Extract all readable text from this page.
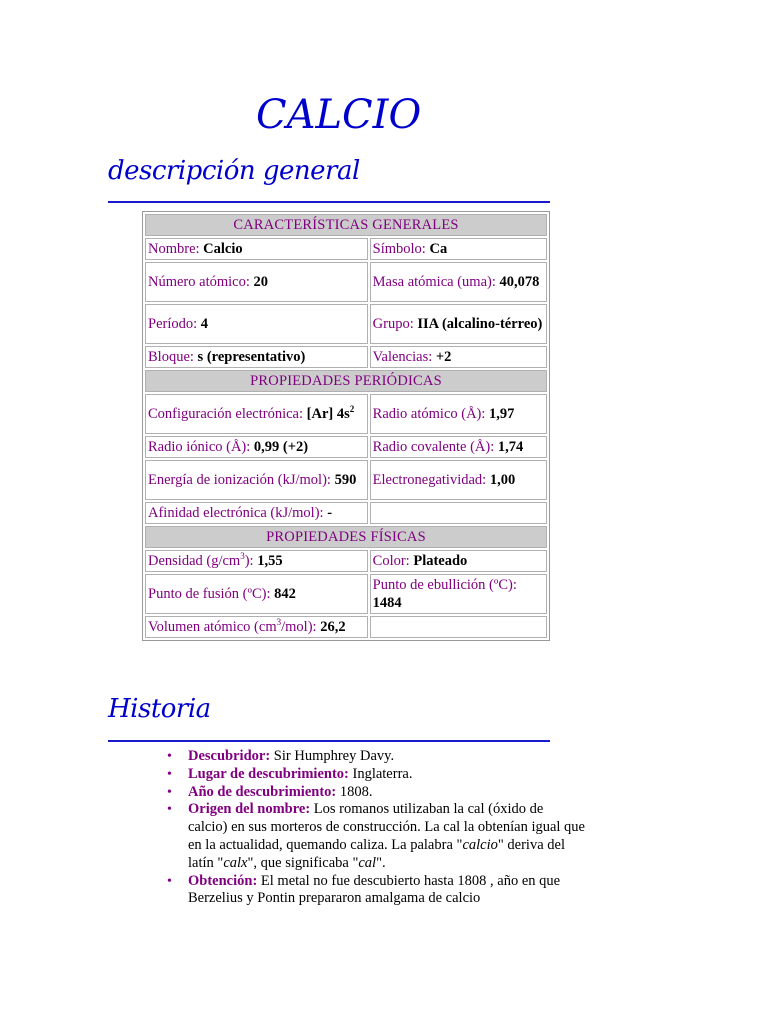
CALCIO
descripción general
CARACTERÍSTICAS GENERALES	
Nombre: Calcio	Símbolo: Ca
Número atómico: 20	Masa atómica (uma): 40,078
Período: 4	Grupo: IIA (alcalino-térreo)
Bloque: s (representativo)	Valencias: +2
PROPIEDADES PERIÓDICAS	
Configuración electrónica: [Ar] $4s^2$	Radio atómico (Å): 1,97
Radio iónico (Å): 0,99 (+2)	Radio covalente (Å): 1,74
Energía de ionización (kJ/mol): 590	Electronegatividad: 1,00
Afinidad electrónica (kJ/mol): -	
PROPIEDADES FÍSICAS	
Densidad $(g/cm^3)$: 1,55	Color: Plateado
Punto de fusión (ºC): 842	Punto de ebullición (ºC): 1484
Volumen atómico $(cm^3/mol)$: 26,2	
Historia
• Descubridor: Sir Humphrey Davy.
• Lugar de descubrimiento: Inglaterra.
• Año de descubrimiento: 1808.
• Origen del nombre: Los romanos utilizaban la cal (óxido de calcio) en sus morteros de construcción. La cal la obtenían igual que en la actualidad, quemando caliza. La palabra "calcio" deriva del latín "calx", que significaba "cal".
• Obtención: El metal no fue descubierto hasta 1808 , año en que Berzelius y Pontin prepararon amalgama de calcio
